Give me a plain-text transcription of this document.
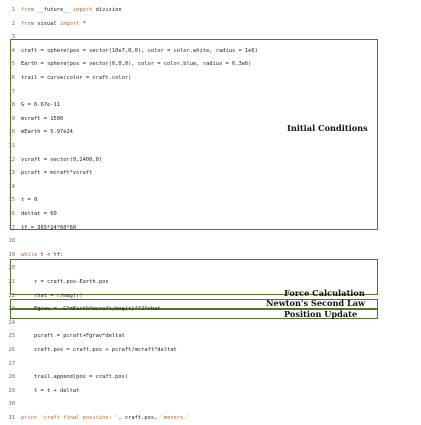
1 from __future__ import division
2 from visual import *
3
4 craft = sphere(pos = vector(10e7,0,0), color = color.white, radius = 1e6)
5 Earth = sphere(pos = vector(0,0,0), color = color.blue, radius = 6.3e6)
6 trail = curve(color = craft.color)
7
8 G = 6.67e-11
9 mcraft = 1500
10 mEarth = 5.97e24
11
12 vcraft = vector(0,2400,0)
13 pcraft = mcraft*vcraft
14
15 t = 0
16 deltat = 60
17 tf = 365*24*60*60
18
19 while t < tf:
20
21    r = craft.pos-Earth.pos
22    rhat = r/mag(r)
23    Fgrav = -G*mEarth*mcraft/mag(r)**2*rhat
24
25    pcraft = pcraft+Fgrav*deltat
26    craft.pos = craft.pos + pcraft/mcraft*deltat
27
28    trail.append(pos = craft.pos)
29    t = t + deltat
30
31 print 'craft final position: ', craft.pos, 'meters.'
Initial Conditions
Force Calculation
Newton's Second Law
Position Update
